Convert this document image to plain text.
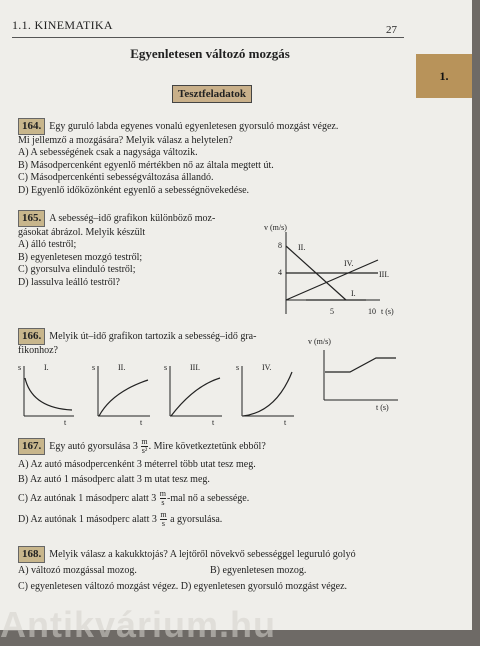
1.1. KINEMATIKA	27
1.
Egyenletesen változó mozgás
Tesztfeladatok
164. Egy guruló labda egyenes vonalú egyenletesen gyorsuló mozgást végez.
Mi jellemző a mozgására? Melyik válasz a helytelen?
A) A sebességének csak a nagysága változik.
B) Másodpercenként egyenlő mértékben nő az általa megtett út.
C) Másodpercenkénti sebességváltozása állandó.
D) Egyenlő időközönként egyenlő a sebességnövekedése.
165. A sebesség–idő grafikon különböző moz-
gásokat ábrázol. Melyik készült
A) álló testről;
B) egyenletesen mozgó testről;
C) gyorsulva elinduló testről;
D) lassulva leálló testről?
v (m/s)
t (s)
8
4
5	10
II.
IV.
III.
I.
166. Melyik út–idő grafikon tartozik a sebesség–idő gra-
fikonhoz?
s	I.
t
s	II.
t
s	III.
t
s	IV.
t
v (m/s)
t (s)
167. Egy autó gyorsulása $3 \frac{m}{\text{s²}}$ . Mire következtetünk ebből?
A) Az autó másodpercenként 3 méterrel több utat tesz meg.
B) Az autó 1 másodperc alatt 3 m utat tesz meg.
C) Az autónak 1 másodperc alatt $3 \frac{m}{s} -mal$ nő a sebessége.
D) Az autónak 1 másodperc alatt $3 \frac{m}{s}$ a gyorsulása.
168. Melyik válasz a kakukktojás? A lejtőről növekvő sebességgel leguruló golyó
A) változó mozgással mozog.	B) egyenletesen mozog.
C) egyenletesen változó mozgást végez. D) egyenletesen gyorsuló mozgást végez.
Antikvárium.hu
